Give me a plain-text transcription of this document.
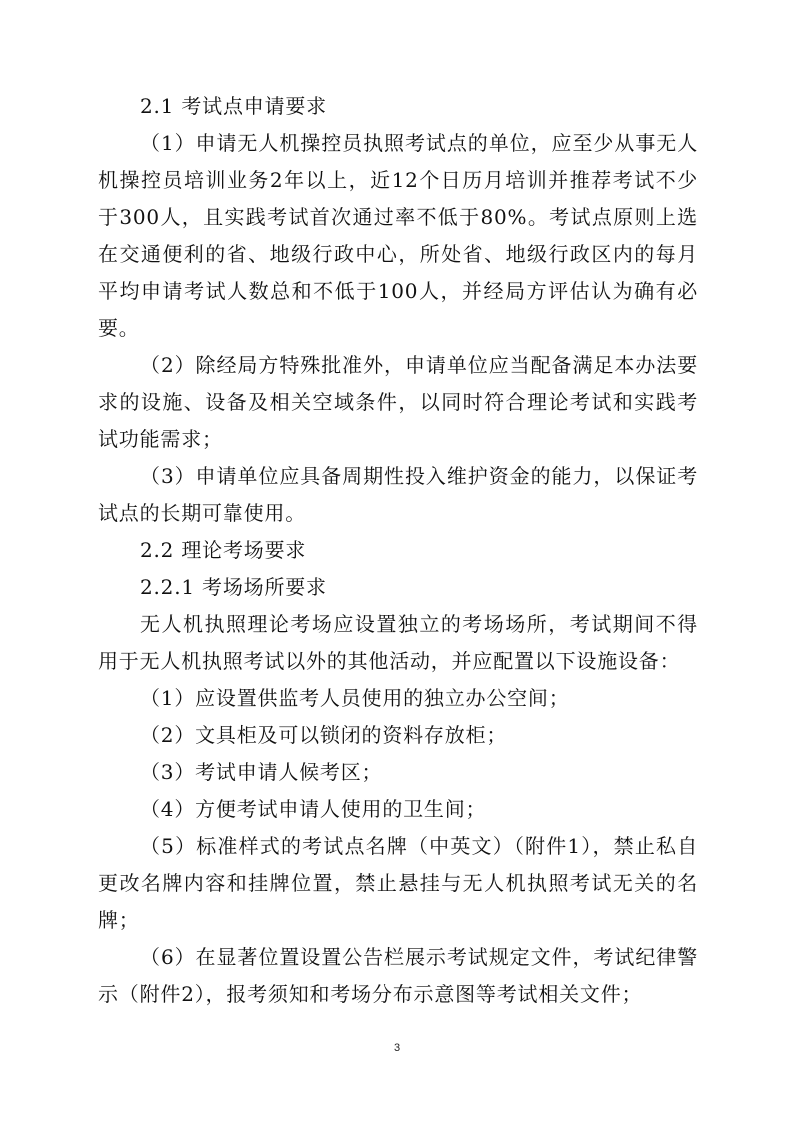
2.1 考试点申请要求

（1）申请无人机操控员执照考试点的单位，应至少从事无人机操控员培训业务2年以上，近12个日历月培训并推荐考试不少于300人，且实践考试首次通过率不低于80%。考试点原则上选在交通便利的省、地级行政中心，所处省、地级行政区内的每月平均申请考试人数总和不低于100人，并经局方评估认为确有必要。

（2）除经局方特殊批准外，申请单位应当配备满足本办法要求的设施、设备及相关空域条件，以同时符合理论考试和实践考试功能需求；

（3）申请单位应具备周期性投入维护资金的能力，以保证考试点的长期可靠使用。

2.2 理论考场要求

2.2.1 考场场所要求

无人机执照理论考场应设置独立的考场场所，考试期间不得用于无人机执照考试以外的其他活动，并应配置以下设施设备：

（1）应设置供监考人员使用的独立办公空间；

（2）文具柜及可以锁闭的资料存放柜；

（3）考试申请人候考区；

（4）方便考试申请人使用的卫生间；

（5）标准样式的考试点名牌（中英文）（附件1），禁止私自更改名牌内容和挂牌位置，禁止悬挂与无人机执照考试无关的名牌；

（6）在显著位置设置公告栏展示考试规定文件，考试纪律警示（附件2），报考须知和考场分布示意图等考试相关文件；

3
